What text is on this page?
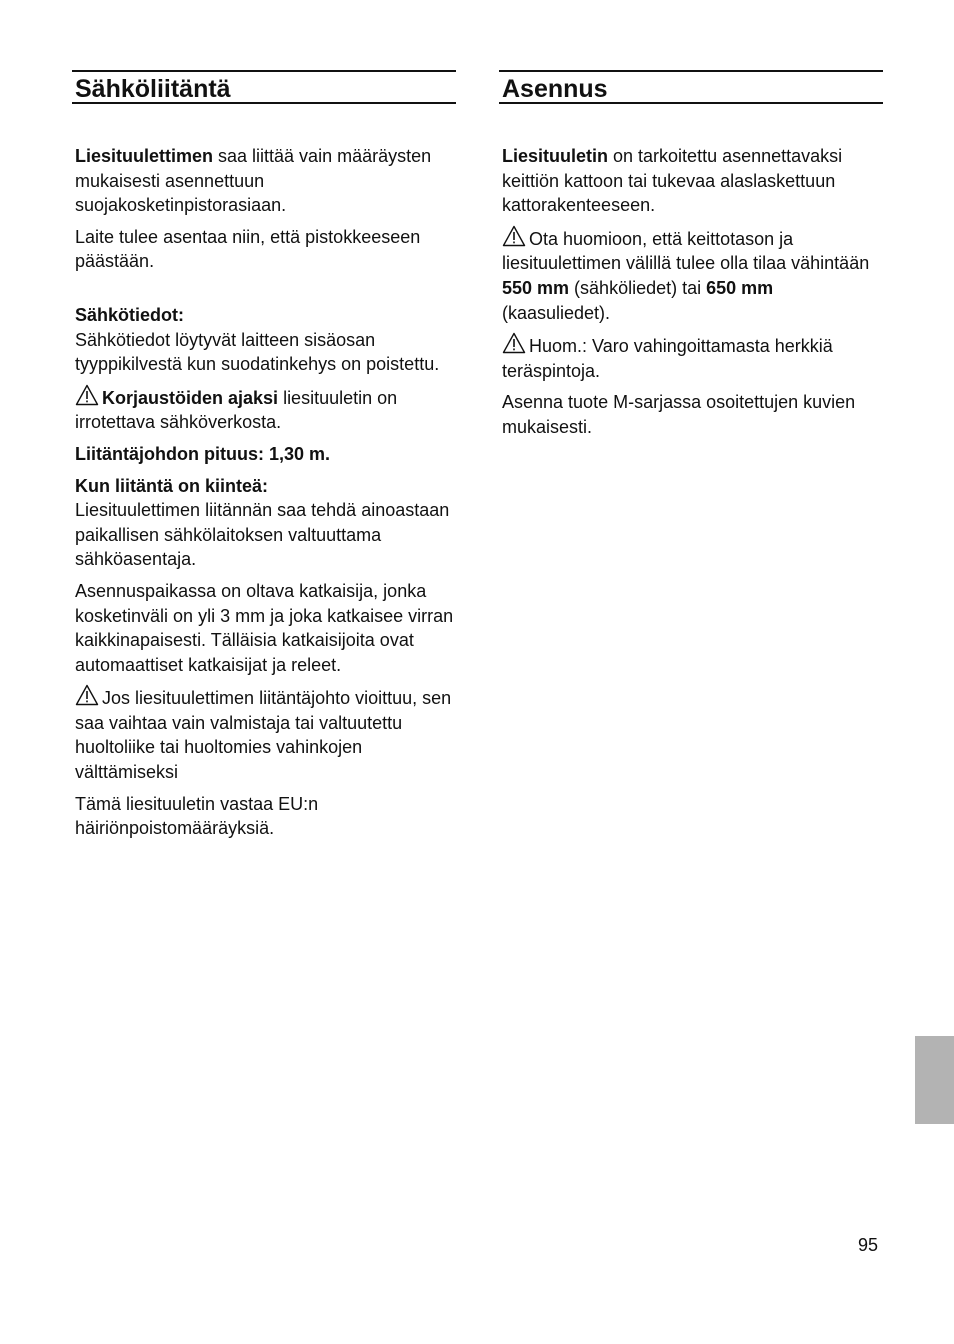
Sähköliitäntä

Liesituulettimen saa liittää vain määräysten mukaisesti asennettuun suojakosketinpistorasiaan.

Laite tulee asentaa niin, että pistokkeeseen päästään.

Sähkötiedot:
Sähkötiedot löytyvät laitteen sisäosan tyyppikilvestä kun suodatinkehys on poistettu.

Korjaustöiden ajaksi liesituuletin on irrotettava sähköverkosta.

Liitäntäjohdon pituus: 1,30 m.

Kun liitäntä on kiinteä:
Liesituulettimen liitännän saa tehdä ainoastaan paikallisen sähkölaitoksen valtuuttama sähköasentaja.

Asennuspaikassa on oltava katkaisija, jonka kosketinväli on yli 3 mm ja joka katkaisee virran kaikkinapaisesti. Tälläisia katkaisijoita ovat automaattiset katkaisijat ja releet.

Jos liesituulettimen liitäntäjohto vioittuu, sen saa vaihtaa vain valmistaja tai valtuutettu huoltoliike tai huoltomies vahinkojen välttämiseksi

Tämä liesituuletin vastaa EU:n häiriönpoistomääräyksiä.

Asennus

Liesituuletin on tarkoitettu asennettavaksi keittiön kattoon tai tukevaa alaslaskettuun kattorakenteeseen.

Ota huomioon, että keittotason ja liesituulettimen välillä tulee olla tilaa vähintään 550 mm (sähköliedet) tai 650 mm (kaasuliedet).

Huom.: Varo vahingoittamasta herkkiä teräspintoja.

Asenna tuote M-sarjassa osoitettujen kuvien mukaisesti.

95
